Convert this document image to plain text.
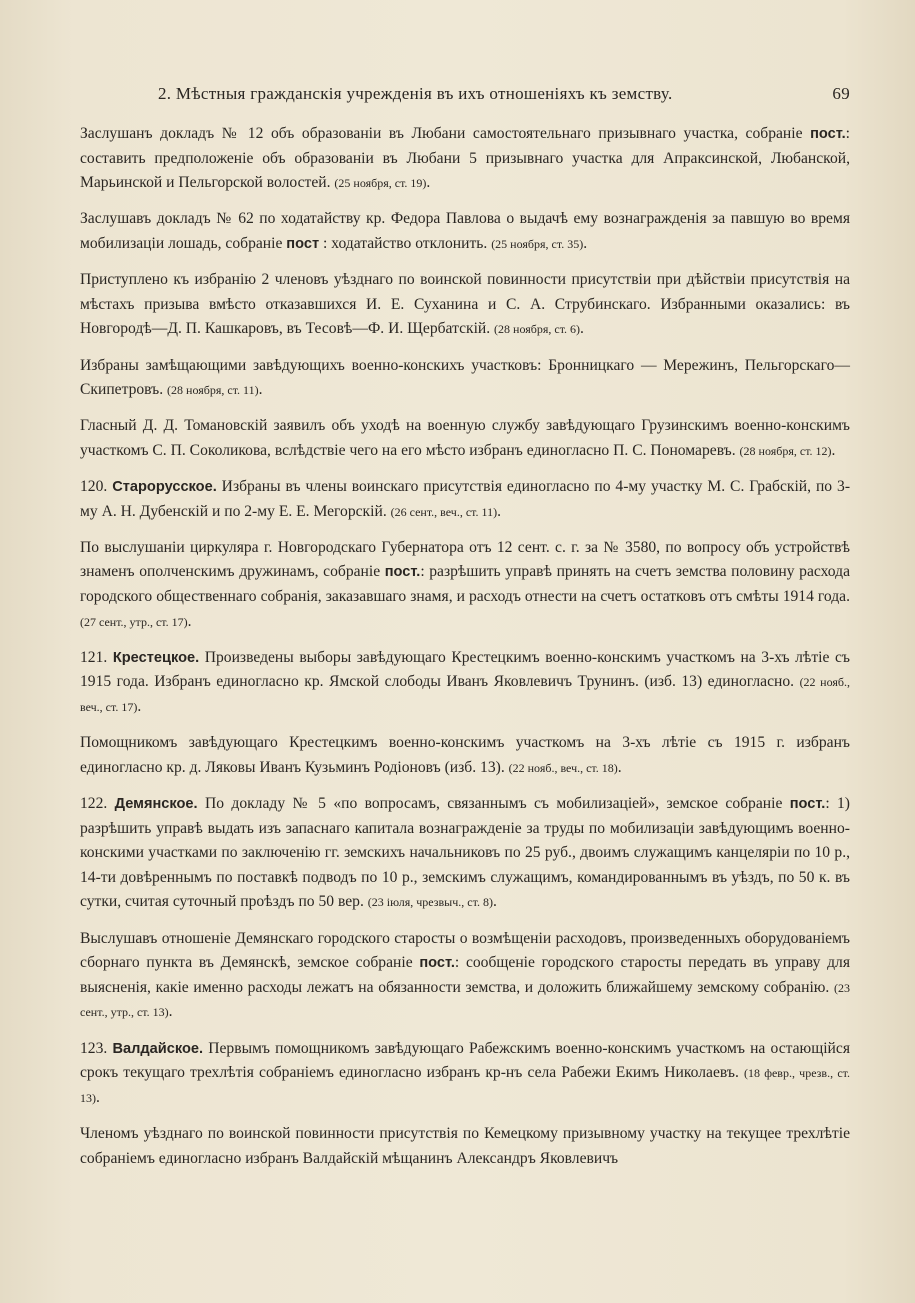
2. Мѣстныя гражданскія учрежденія въ ихъ отношеніяхъ къ земству.	69

Заслушанъ докладъ № 12 объ образованіи въ Любани самостоятельнаго призывнаго участка, собраніе пост.: составить предположеніе объ образованіи въ Любани 5 призывнаго участка для Апраксинской, Любанской, Марьинской и Пельгорской волостей. (25 ноября, ст. 19).

Заслушавъ докладъ № 62 по ходатайству кр. Федора Павлова о выдачѣ ему вознагражденія за павшую во время мобилизаціи лошадь, собраніе пост : ходатайство отклонить. (25 ноября, ст. 35).

Приступлено къ избранію 2 членовъ уѣзднаго по воинской повинности присутствіи при дѣйствіи присутствія на мѣстахъ призыва вмѣсто отказавшихся И. Е. Суханина и С. А. Струбинскаго. Избранными оказались: въ Новгородѣ—Д. П. Кашкаровъ, въ Тесовѣ—Ф. И. Щербатскій. (28 ноября, ст. 6).

Избраны замѣщающими завѣдующихъ военно-конскихъ участковъ: Бронницкаго — Мережинъ, Пельгорскаго—Скипетровъ. (28 ноября, ст. 11).

Гласный Д. Д. Томановскій заявилъ объ уходѣ на военную службу завѣдующаго Грузинскимъ военно-конскимъ участкомъ С. П. Соколикова, вслѣдствіе чего на его мѣсто избранъ единогласно П. С. Пономаревъ. (28 ноября, ст. 12).

120. Старорусское. Избраны въ члены воинскаго присутствія единогласно по 4-му участку М. С. Грабскій, по 3-му А. Н. Дубенскій и по 2-му Е. Е. Мегорскій. (26 сент., веч., ст. 11).

По выслушаніи циркуляра г. Новгородскаго Губернатора отъ 12 сент. с. г. за № 3580, по вопросу объ устройствѣ знаменъ ополченскимъ дружинамъ, собраніе пост.: разрѣшить управѣ принять на счетъ земства половину расхода городского общественнаго собранія, заказавшаго знамя, и расходъ отнести на счетъ остатковъ отъ смѣты 1914 года. (27 сент., утр., ст. 17).

121. Крестецкое. Произведены выборы завѣдующаго Крестецкимъ военно-конскимъ участкомъ на 3-хъ лѣтіе съ 1915 года. Избранъ единогласно кр. Ямской слободы Иванъ Яковлевичъ Трунинъ. (изб. 13) единогласно. (22 нояб., веч., ст. 17).

Помощникомъ завѣдующаго Крестецкимъ военно-конскимъ участкомъ на 3-хъ лѣтіе съ 1915 г. избранъ единогласно кр. д. Ляковы Иванъ Кузьминъ Родіоновъ (изб. 13). (22 нояб., веч., ст. 18).

122. Демянское. По докладу № 5 «по вопросамъ, связаннымъ съ мобилизаціей», земское собраніе пост.: 1) разрѣшить управѣ выдать изъ запаснаго капитала вознагражденіе за труды по мобилизаціи завѣдующимъ военно-конскими участками по заключенію гг. земскихъ начальниковъ по 25 руб., двоимъ служащимъ канцеляріи по 10 р., 14-ти довѣреннымъ по поставкѣ подводъ по 10 р., земскимъ служащимъ, командированнымъ въ уѣздъ, по 50 к. въ сутки, считая суточный проѣздъ по 50 вер. (23 іюля, чрезвыч., ст. 8).

Выслушавъ отношеніе Демянскаго городского старосты о возмѣщеніи расходовъ, произведенныхъ оборудованіемъ сборнаго пункта въ Демянскѣ, земское собраніе пост.: сообщеніе городского старосты передать въ управу для выясненія, какіе именно расходы лежатъ на обязанности земства, и доложить ближайшему земскому собранію. (23 сент., утр., ст. 13).

123. Валдайское. Первымъ помощникомъ завѣдующаго Рабежскимъ военно-конскимъ участкомъ на остающійся срокъ текущаго трехлѣтія собраніемъ единогласно избранъ кр-нъ села Рабежи Екимъ Николаевъ. (18 февр., чрезв., ст. 13).

Членомъ уѣзднаго по воинской повинности присутствія по Кемецкому призывному участку на текущее трехлѣтіе собраніемъ единогласно избранъ Валдайскій мѣщанинъ Александръ Яковлевичъ
